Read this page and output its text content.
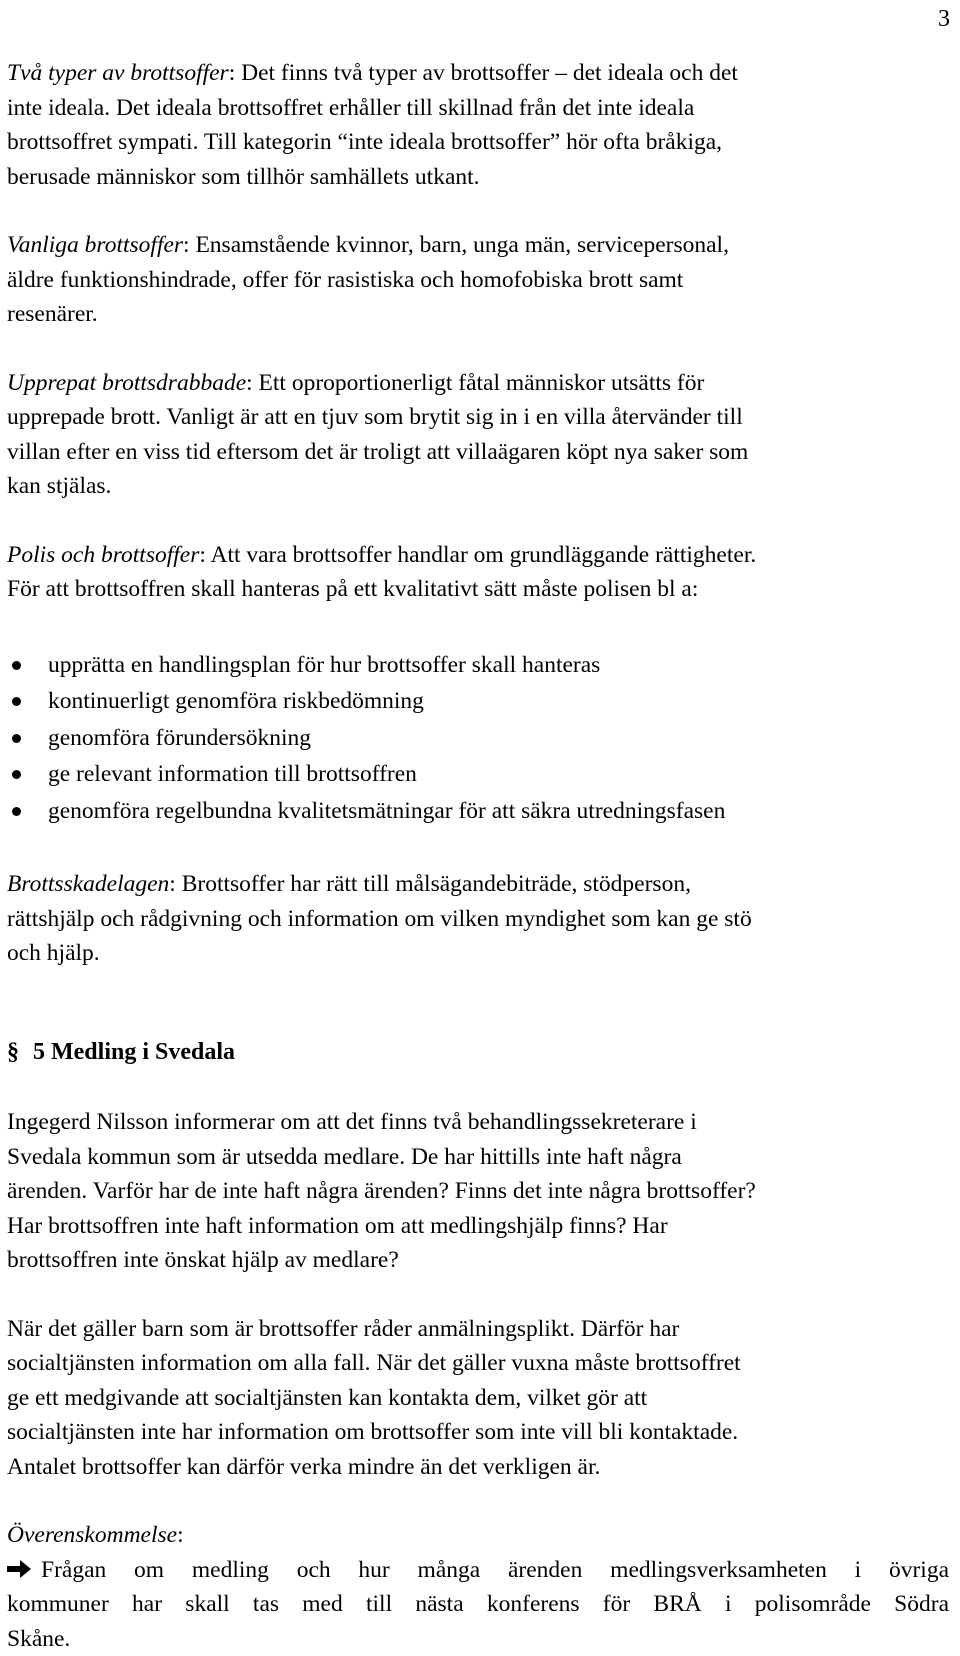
3

Två typer av brottsoffer: Det finns två typer av brottsoffer – det ideala och det

inte ideala. Det ideala brottsoffret erhåller till skillnad från det inte ideala

brottsoffret sympati. Till kategorin “inte ideala brottsoffer” hör ofta bråkiga,

berusade människor som tillhör samhällets utkant.

Vanliga brottsoffer: Ensamstående kvinnor, barn, unga män, servicepersonal,

äldre funktionshindrade, offer för rasistiska och homofobiska brott samt

resenärer.

Upprepat brottsdrabbade: Ett oproportionerligt fåtal människor utsätts för

upprepade brott. Vanligt är att en tjuv som brytit sig in i en villa återvänder till

villan efter en viss tid eftersom det är troligt att villaägaren köpt nya saker som

kan stjälas.

Polis och brottsoffer: Att vara brottsoffer handlar om grundläggande rättigheter.

För att brottsoffren skall hanteras på ett kvalitativt sätt måste polisen bl a:

upprätta en handlingsplan för hur brottsoffer skall hanteras
kontinuerligt genomföra riskbedömning
genomföra förundersökning
ge relevant information till brottsoffren
genomföra regelbundna kvalitetsmätningar för att säkra utredningsfasen

Brottsskadelagen: Brottsoffer har rätt till målsägandebiträde, stödperson,

rättshjälp och rådgivning och information om vilken myndighet som kan ge stö

och hjälp.

§ 5 Medling i Svedala

Ingegerd Nilsson informerar om att det finns två behandlingssekreterare i

Svedala kommun som är utsedda medlare. De har hittills inte haft några

ärenden. Varför har de inte haft några ärenden? Finns det inte några brottsoffer?

Har brottsoffren inte haft information om att medlingshjälp finns? Har

brottsoffren inte önskat hjälp av medlare?

När det gäller barn som är brottsoffer råder anmälningsplikt. Därför har

socialtjänsten information om alla fall. När det gäller vuxna måste brottsoffret

ge ett medgivande att socialtjänsten kan kontakta dem, vilket gör att

socialtjänsten inte har information om brottsoffer som inte vill bli kontaktade.

Antalet brottsoffer kan därför verka mindre än det verkligen är.

Överenskommelse:

Frågan om medling och hur många ärenden medlingsverksamheten i övriga

kommuner har skall tas med till nästa konferens för BRÅ i polisområde Södra

Skåne.
